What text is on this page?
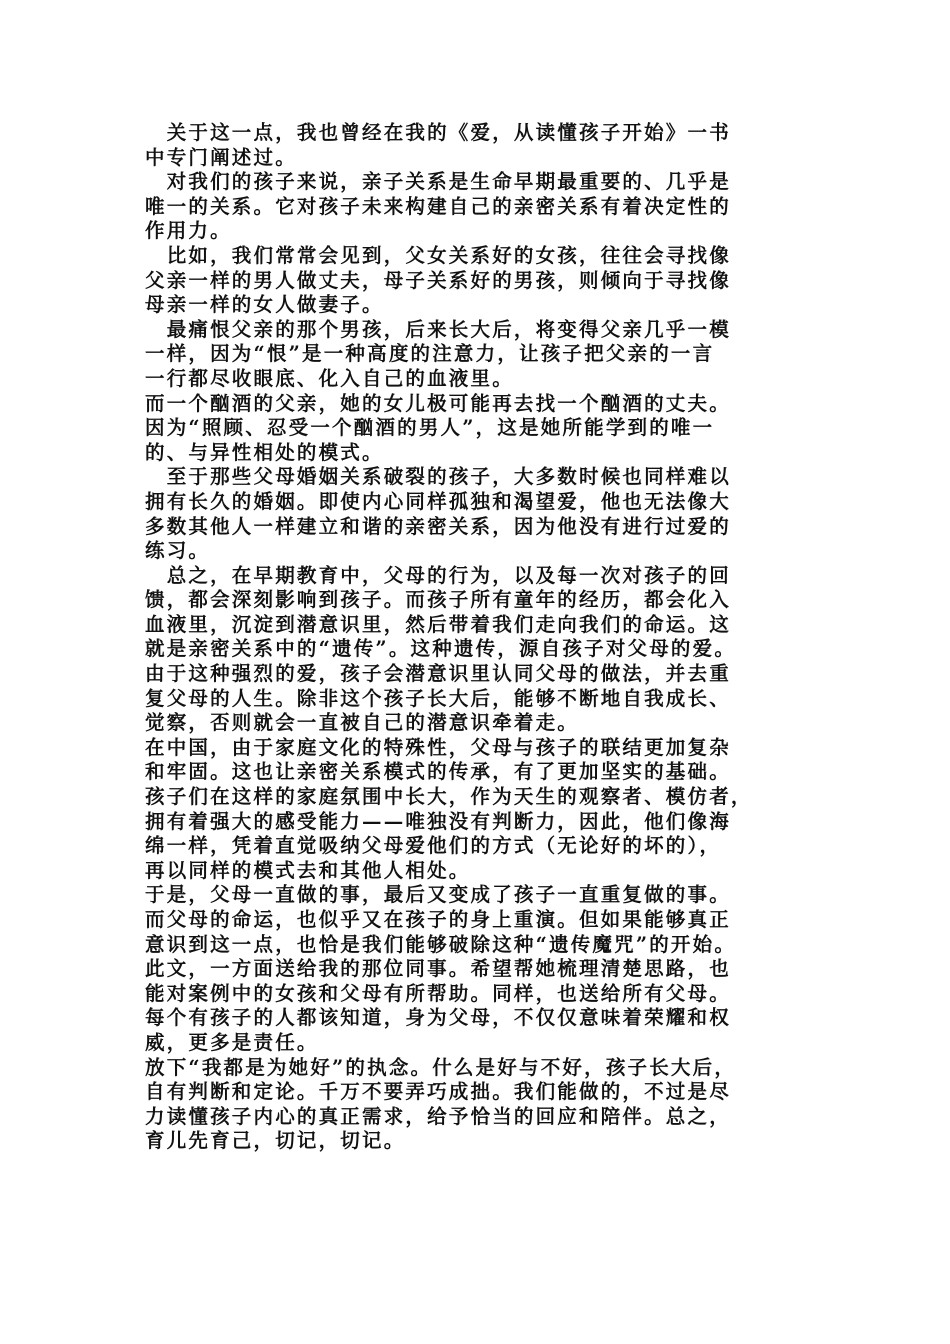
　关于这一点，我也曾经在我的《爱，从读懂孩子开始》一书
中专门阐述过。
　对我们的孩子来说，亲子关系是生命早期最重要的、几乎是
唯一的关系。它对孩子未来构建自己的亲密关系有着决定性的
作用力。
　比如，我们常常会见到，父女关系好的女孩，往往会寻找像
父亲一样的男人做丈夫，母子关系好的男孩，则倾向于寻找像
母亲一样的女人做妻子。
　最痛恨父亲的那个男孩，后来长大后，将变得父亲几乎一模
一样，因为“恨”是一种高度的注意力，让孩子把父亲的一言
一行都尽收眼底、化入自己的血液里。
而一个酗酒的父亲，她的女儿极可能再去找一个酗酒的丈夫。
因为“照顾、忍受一个酗酒的男人”，这是她所能学到的唯一
的、与异性相处的模式。
　至于那些父母婚姻关系破裂的孩子，大多数时候也同样难以
拥有长久的婚姻。即使内心同样孤独和渴望爱，他也无法像大
多数其他人一样建立和谐的亲密关系，因为他没有进行过爱的
练习。
　总之，在早期教育中，父母的行为，以及每一次对孩子的回
馈，都会深刻影响到孩子。而孩子所有童年的经历，都会化入
血液里，沉淀到潜意识里，然后带着我们走向我们的命运。这
就是亲密关系中的“遗传”。这种遗传，源自孩子对父母的爱。
由于这种强烈的爱，孩子会潜意识里认同父母的做法，并去重
复父母的人生。除非这个孩子长大后，能够不断地自我成长、
觉察，否则就会一直被自己的潜意识牵着走。
在中国，由于家庭文化的特殊性，父母与孩子的联结更加复杂
和牢固。这也让亲密关系模式的传承，有了更加坚实的基础。
孩子们在这样的家庭氛围中长大，作为天生的观察者、模仿者，
拥有着强大的感受能力——唯独没有判断力，因此，他们像海
绵一样，凭着直觉吸纳父母爱他们的方式（无论好的坏的），
再以同样的模式去和其他人相处。
于是，父母一直做的事，最后又变成了孩子一直重复做的事。
而父母的命运，也似乎又在孩子的身上重演。但如果能够真正
意识到这一点，也恰是我们能够破除这种“遗传魔咒”的开始。
此文，一方面送给我的那位同事。希望帮她梳理清楚思路，也
能对案例中的女孩和父母有所帮助。同样，也送给所有父母。
每个有孩子的人都该知道，身为父母，不仅仅意味着荣耀和权
威，更多是责任。
放下“我都是为她好”的执念。什么是好与不好，孩子长大后，
自有判断和定论。千万不要弄巧成拙。我们能做的，不过是尽
力读懂孩子内心的真正需求，给予恰当的回应和陪伴。总之，
育儿先育己，切记，切记。
